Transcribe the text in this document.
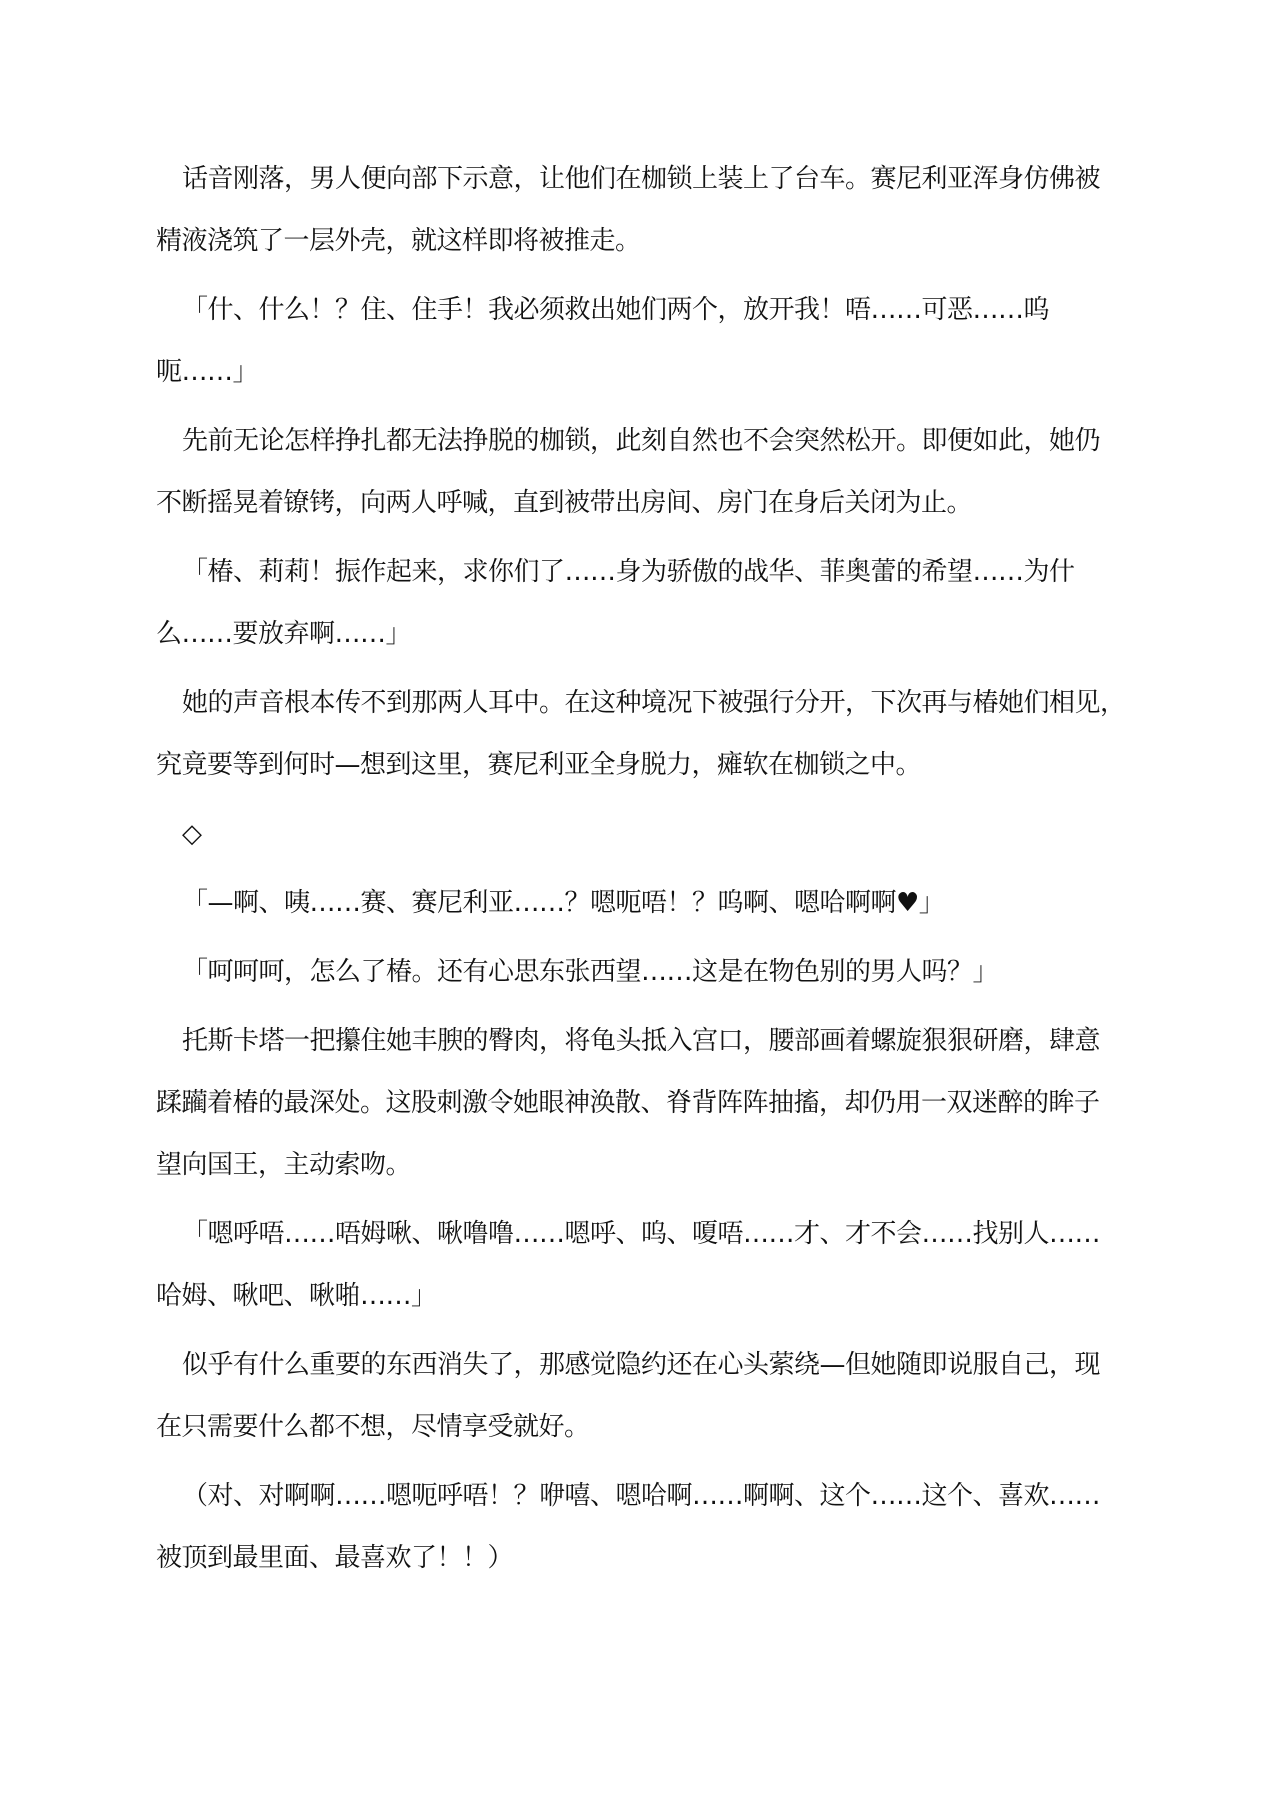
话音刚落，男人便向部下示意，让他们在枷锁上装上了台车。赛尼利亚浑身仿佛被
精液浇筑了一层外壳，就这样即将被推走。
「什、什么！？住、住手！我必须救出她们两个，放开我！唔……可恶……呜
呃……」
先前无论怎样挣扎都无法挣脱的枷锁，此刻自然也不会突然松开。即便如此，她仍
不断摇晃着镣铐，向两人呼喊，直到被带出房间、房门在身后关闭为止。
「椿、莉莉！振作起来，求你们了……身为骄傲的战华、菲奥蕾的希望……为什
么……要放弃啊……」
她的声音根本传不到那两人耳中。在这种境况下被强行分开，下次再与椿她们相见，
究竟要等到何时—想到这里，赛尼利亚全身脱力，瘫软在枷锁之中。
◇
「—啊、咦……赛、赛尼利亚……？嗯呃唔！？呜啊、嗯哈啊啊♥」
「呵呵呵，怎么了椿。还有心思东张西望……这是在物色别的男人吗？」
托斯卡塔一把攥住她丰腴的臀肉，将龟头抵入宫口，腰部画着螺旋狠狠研磨，肆意
蹂躏着椿的最深处。这股刺激令她眼神涣散、脊背阵阵抽搐，却仍用一双迷醉的眸子
望向国王，主动索吻。
「嗯呼唔……唔姆啾、啾噜噜……嗯呼、呜、嗄唔……才、才不会……找别人……
哈姆、啾吧、啾啪……」
似乎有什么重要的东西消失了，那感觉隐约还在心头萦绕—但她随即说服自己，现
在只需要什么都不想，尽情享受就好。
（对、对啊啊……嗯呃呼唔！？咿嘻、嗯哈啊……啊啊、这个……这个、喜欢……
被顶到最里面、最喜欢了！！）
